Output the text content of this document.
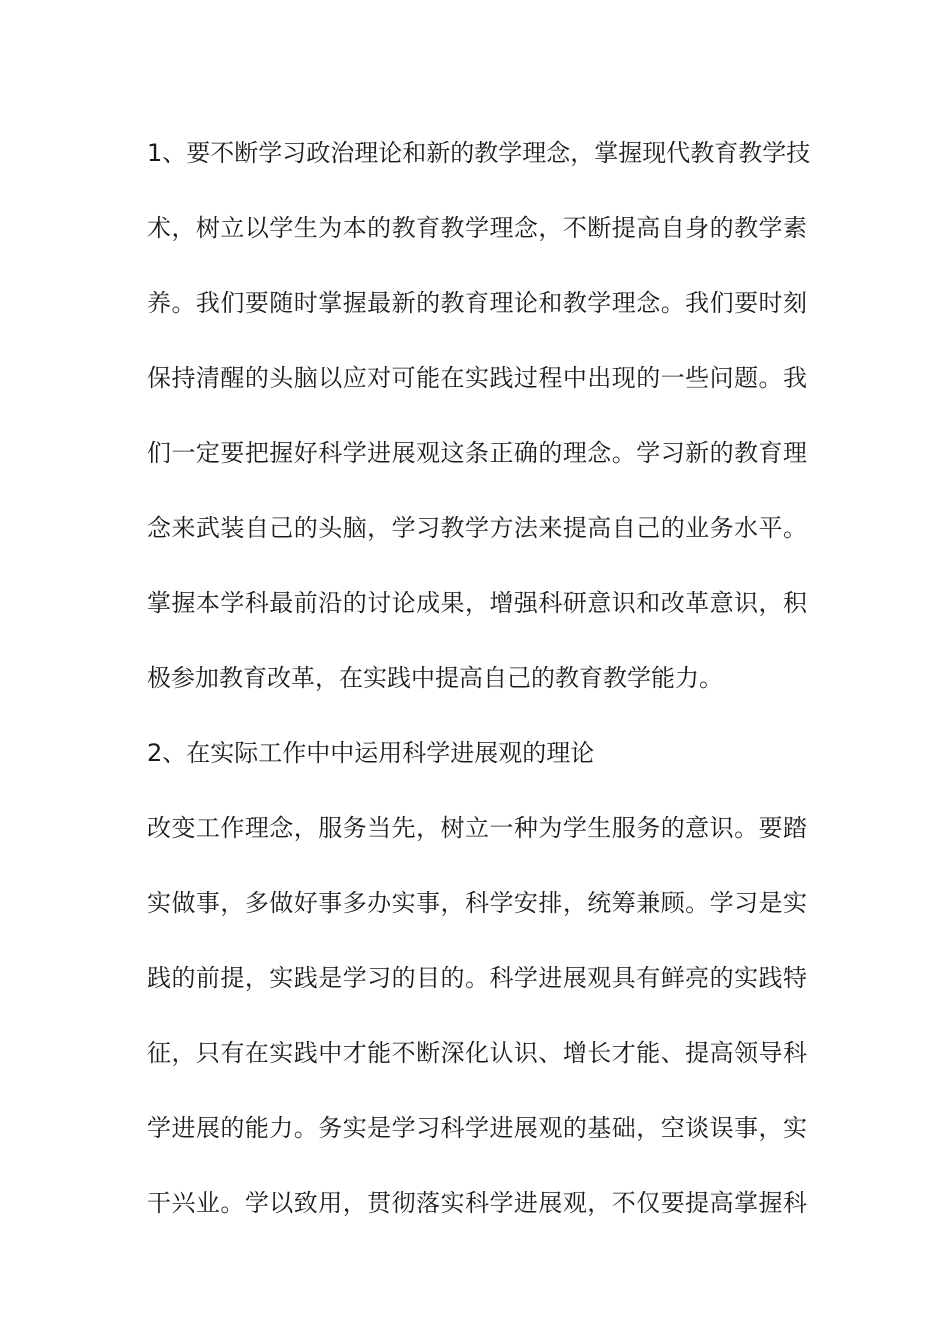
1、要不断学习政治理论和新的教学理念，掌握现代教育教学技
术，树立以学生为本的教育教学理念，不断提高自身的教学素
养。我们要随时掌握最新的教育理论和教学理念。我们要时刻
保持清醒的头脑以应对可能在实践过程中出现的一些问题。我
们一定要把握好科学进展观这条正确的理念。学习新的教育理
念来武装自己的头脑，学习教学方法来提高自己的业务水平。
掌握本学科最前沿的讨论成果，增强科研意识和改革意识，积
极参加教育改革，在实践中提高自己的教育教学能力。
2、在实际工作中中运用科学进展观的理论
改变工作理念，服务当先，树立一种为学生服务的意识。要踏
实做事，多做好事多办实事，科学安排，统筹兼顾。学习是实
践的前提，实践是学习的目的。科学进展观具有鲜亮的实践特
征，只有在实践中才能不断深化认识、增长才能、提高领导科
学进展的能力。务实是学习科学进展观的基础，空谈误事，实
干兴业。学以致用，贯彻落实科学进展观，不仅要提高掌握科
